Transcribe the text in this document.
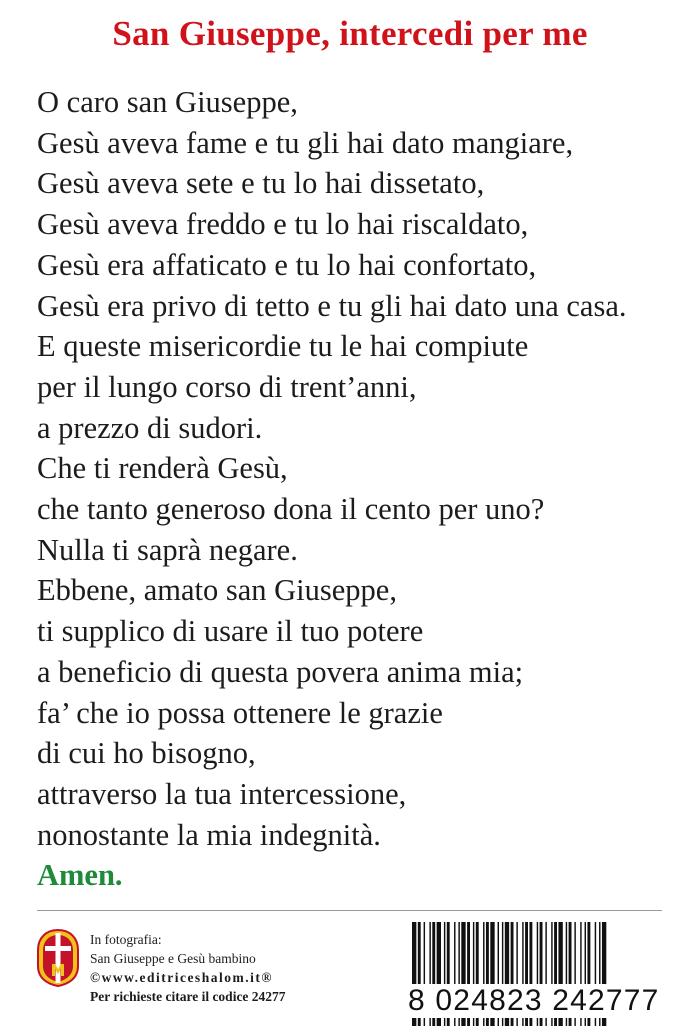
San Giuseppe, intercedi per me
O caro san Giuseppe,
Gesù aveva fame e tu gli hai dato mangiare,
Gesù aveva sete e tu lo hai dissetato,
Gesù aveva freddo e tu lo hai riscaldato,
Gesù era affaticato e tu lo hai confortato,
Gesù era privo di tetto e tu gli hai dato una casa.
E queste misericordie tu le hai compiute
per il lungo corso di trent’anni,
a prezzo di sudori.
Che ti renderà Gesù,
che tanto generoso dona il cento per uno?
Nulla ti saprà negare.
Ebbene, amato san Giuseppe,
ti supplico di usare il tuo potere
a beneficio di questa povera anima mia;
fa’ che io possa ottenere le grazie
di cui ho bisogno,
attraverso la tua intercessione,
nonostante la mia indegnità.
Amen.
In fotografia:
San Giuseppe e Gesù bambino
©www.editriceshalom.it®
Per richieste citare il codice 24277	8 024823 242777
